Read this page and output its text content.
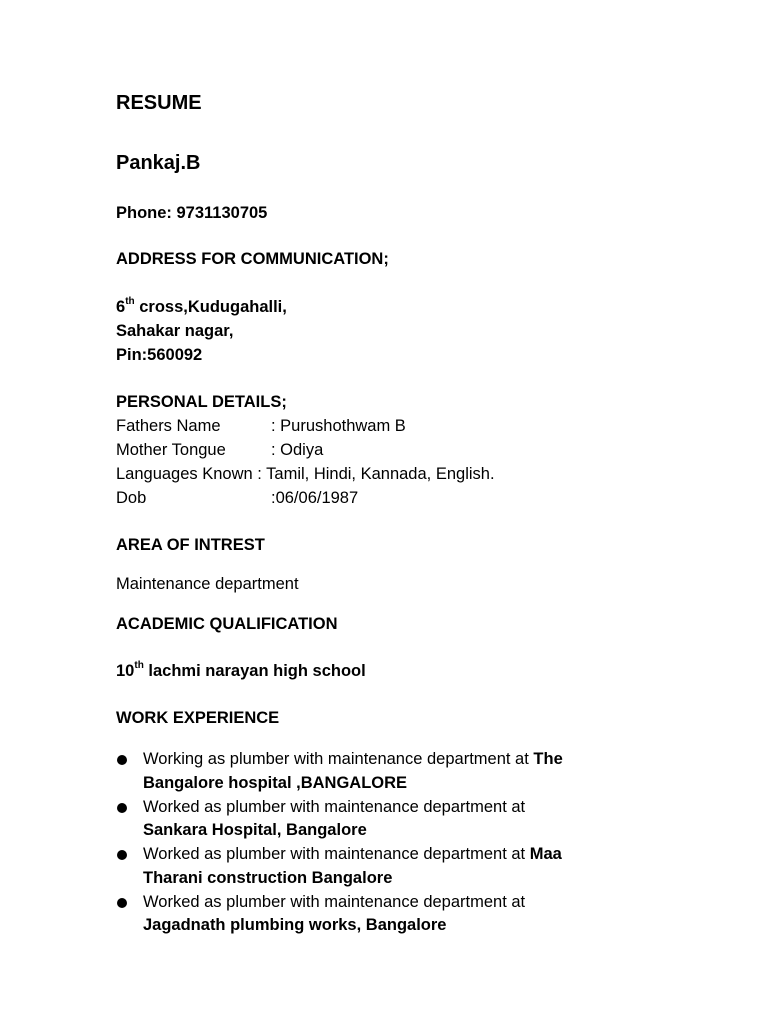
RESUME
Pankaj.B
Phone: 9731130705
ADDRESS FOR COMMUNICATION;
6th cross,Kudugahalli,
Sahakar nagar,
Pin:560092
PERSONAL DETAILS;
Fathers Name	: Purushothwam B
Mother Tongue	: Odiya
Languages Known : Tamil, Hindi, Kannada, English.
Dob	:06/06/1987
AREA OF INTREST
Maintenance department
ACADEMIC QUALIFICATION
10th lachmi narayan high school
WORK EXPERIENCE
Working as plumber with maintenance department at The
Bangalore hospital ,BANGALORE
Worked as plumber with maintenance department at
Sankara Hospital, Bangalore
Worked as plumber with maintenance department at Maa
Tharani construction Bangalore
Worked as plumber with maintenance department at
Jagadnath plumbing works, Bangalore
